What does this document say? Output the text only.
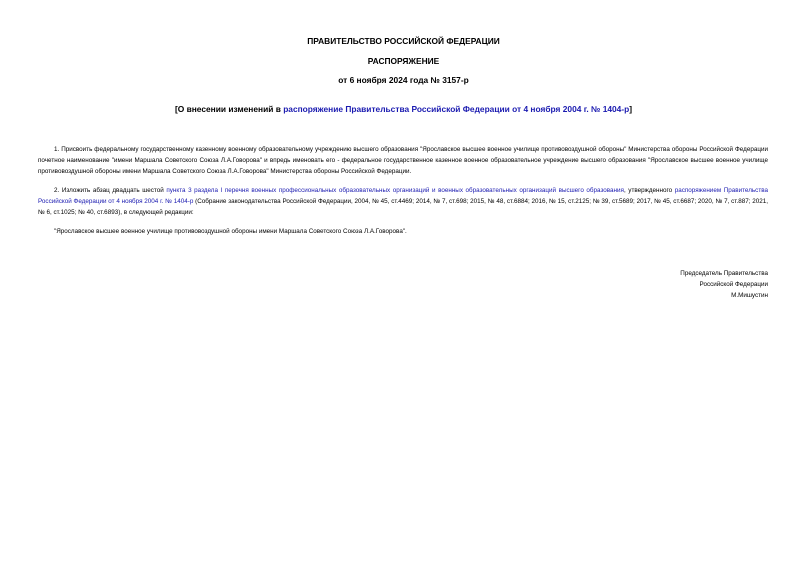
ПРАВИТЕЛЬСТВО РОССИЙСКОЙ ФЕДЕРАЦИИ
РАСПОРЯЖЕНИЕ
от 6 ноября 2024 года № 3157-р
[О внесении изменений в распоряжение Правительства Российской Федерации от 4 ноября 2004 г. № 1404-р]
1. Присвоить федеральному государственному казенному военному образовательному учреждению высшего образования "Ярославское высшее военное училище противовоздушной обороны" Министерства обороны Российской Федерации почетное наименование "имени Маршала Советского Союза Л.А.Говорова" и впредь именовать его - федеральное государственное казенное военное образовательное учреждение высшего образования "Ярославское высшее военное училище противовоздушной обороны имени Маршала Советского Союза Л.А.Говорова" Министерства обороны Российской Федерации.
2. Изложить абзац двадцать шестой пункта 3 раздела I перечня военных профессиональных образовательных организаций и военных образовательных организаций высшего образования, утвержденного распоряжением Правительства Российской Федерации от 4 ноября 2004 г. № 1404-р (Собрание законодательства Российской Федерации, 2004, № 45, ст.4469; 2014, № 7, ст.698; 2015, № 48, ст.6884; 2016, № 15, ст.2125; № 39, ст.5689; 2017, № 45, ст.6687; 2020, № 7, ст.887; 2021, № 6, ст.1025; № 40, ст.6893), в следующей редакции:
"Ярославское высшее военное училище противовоздушной обороны имени Маршала Советского Союза Л.А.Говорова".
Председатель Правительства
Российской Федерации
М.Мишустин
